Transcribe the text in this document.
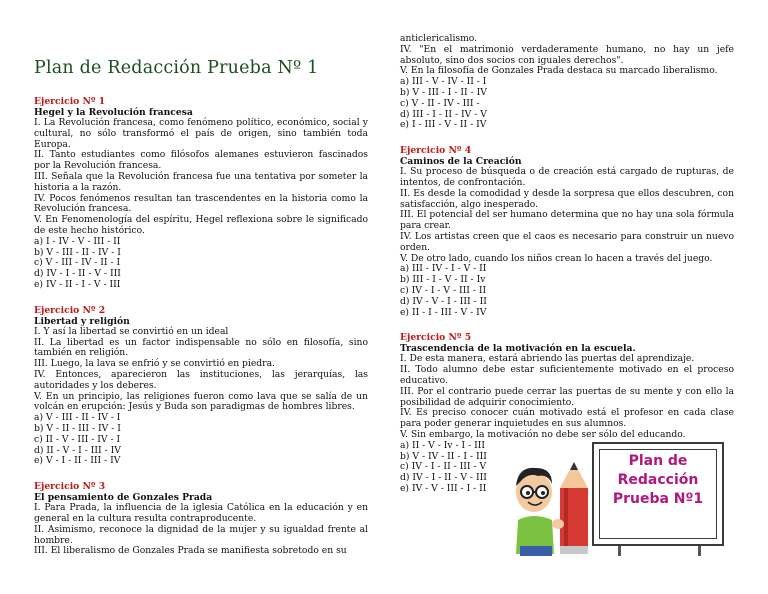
Plan de Redacción Prueba Nº 1
Ejercicio Nº 1
Hegel y la Revolución francesa
I. La Revolución francesa, como fenómeno político, económico, social y cultural, no sólo transformó el país de origen, sino también toda Europa.
II. Tanto estudiantes como filósofos alemanes estuvieron fascinados por la Revolución francesa.
III. Señala que la Revolución francesa fue una tentativa por someter la historia a la razón.
IV. Pocos fenómenos resultan tan trascendentes en la historia como la Revolución francesa.
V. En Fenomenología del espíritu, Hegel reflexiona sobre le significado de este hecho histórico.
a) I - IV - V - III - II
b) V - III - II - IV - I
c) V - III - IV - II - I
d) IV - I - II - V - III
e) IV - II - I - V - III
Ejercicio Nº 2
Libertad y religión
I. Y así la libertad se convirtió en un ideal
II. La libertad es un factor indispensable no sólo en filosofía, sino también en religión.
III. Luego, la lava se enfrió y se convirtió en piedra.
IV. Entonces, aparecieron las instituciones, las jerarquías, las autoridades y los deberes.
V. En un principio, las religiones fueron como lava que se salía de un volcán en erupción: Jesús y Buda son paradigmas de hombres libres.
a) V - III - II - IV - I
b) V - II - III - IV - I
c) II - V - III - IV - I
d) II - V - I - III - IV
e) V - I - II - III - IV
Ejercicio Nº 3
El pensamiento de Gonzales Prada
I. Para Prada, la influencia de la iglesia Católica en la educación y en general en la cultura resulta contraproducente.
II. Asimismo, reconoce la dignidad de la mujer y su igualdad frente al hombre.
III. El liberalismo de Gonzales Prada se manifiesta sobretodo en su
anticlericalismo.
IV. "En el matrimonio verdaderamente humano, no hay un jefe absoluto, sino dos socios con iguales derechos".
V. En la filosofía de Gonzales Prada destaca su marcado liberalismo.
a) III - V - IV - II - I
b) V - III - I - II - IV
c) V - II - IV - III -
d) III - I - II - IV - V
e) I - III - V - II - IV
Ejercicio Nº 4
Caminos de la Creación
I. Su proceso de búsqueda o de creación está cargado de rupturas, de intentos, de confrontación.
II. Es desde la comodidad y desde la sorpresa que ellos descubren, con satisfacción, algo inesperado.
III. El potencial del ser humano determina que no hay una sola fórmula para crear.
IV. Los artistas creen que el caos es necesario para construir un nuevo orden.
V. De otro lado, cuando los niños crean lo hacen a través del juego.
a) III - IV - I - V - II
b) III - I - V - II - Iv
c) IV - I - V - III - II
d) IV - V - I - III - II
e) II - I - III - V - IV
Ejercicio Nº 5
Trascendencia de la motivación en la escuela.
I. De esta manera, estará abriendo las puertas del aprendizaje.
II. Todo alumno debe estar suficientemente motivado en el proceso educativo.
III. Por el contrario puede cerrar las puertas de su mente y con ello la posibilidad de adquirir conocimiento.
IV. Es preciso conocer cuán motivado está el profesor en cada clase para poder generar inquietudes en sus alumnos.
V. Sin embargo, la motivación no debe ser sólo del educando.
a) II - V - Iv - I - III
b) V - IV - II - I - III
c) IV - I - II - III - V
d) IV - I - II - V - III
e) IV - V - III - I - II
Plan de
Redacción
Prueba Nº1
